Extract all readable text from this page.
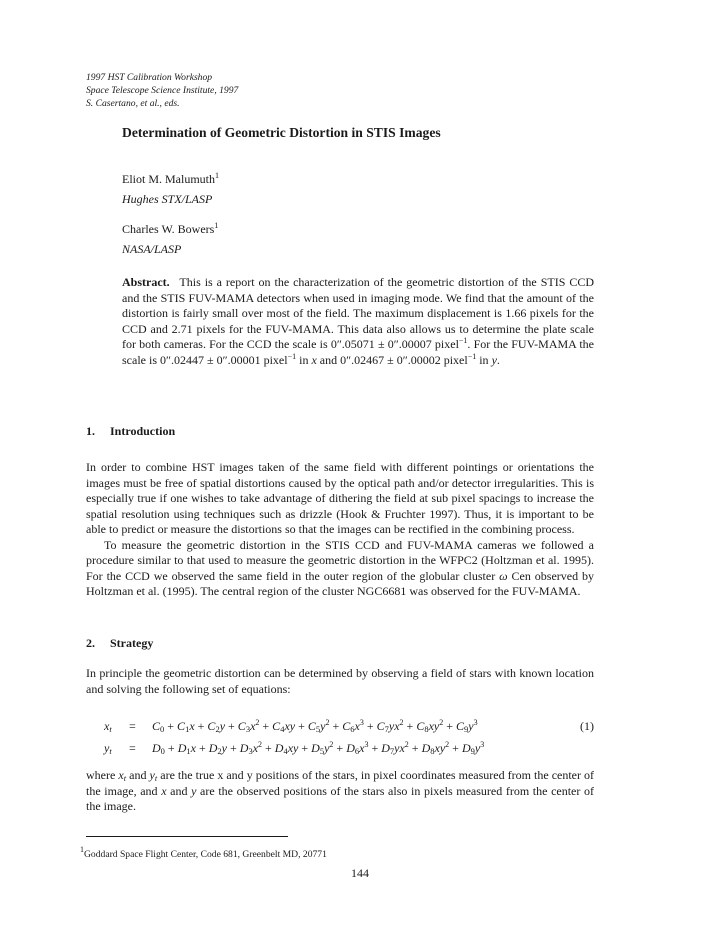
1997 HST Calibration Workshop
Space Telescope Science Institute, 1997
S. Casertano, et al., eds.
Determination of Geometric Distortion in STIS Images
Eliot M. Malumuth$^1$
Hughes STX/LASP
Charles W. Bowers$^1$
NASA/LASP
Abstract. This is a report on the characterization of the geometric distortion of the STIS CCD and the STIS FUV-MAMA detectors when used in imaging mode. We find that the amount of the distortion is fairly small over most of the field. The maximum displacement is 1.66 pixels for the CCD and 2.71 pixels for the FUV-MAMA. This data also allows us to determine the plate scale for both cameras. For the CCD the scale is 0″.05071 ± 0″.00007 pixel$^{-1}$. For the FUV-MAMA the scale is 0″.02447 ± 0″.00001 pixel$^{-1}$ in x and 0″.02467 ± 0″.00002 pixel$^{-1}$ in y.
1. Introduction

In order to combine HST images taken of the same field with different pointings or orientations the images must be free of spatial distortions caused by the optical path and/or detector irregularities. This is especially true if one wishes to take advantage of dithering the field at sub pixel spacings to increase the spatial resolution using techniques such as drizzle (Hook & Fruchter 1997). Thus, it is important to be able to predict or measure the distortions so that the images can be rectified in the combining process.

To measure the geometric distortion in the STIS CCD and FUV-MAMA cameras we followed a procedure similar to that used to measure the geometric distortion in the WFPC2 (Holtzman et al. 1995). For the CCD we observed the same field in the outer region of the globular cluster ω Cen observed by Holtzman et al. (1995). The central region of the cluster NGC6681 was observed for the FUV-MAMA.

2. Strategy

In principle the geometric distortion can be determined by observing a field of stars with known location and solving the following set of equations:

$x_t = C_0 + C_1x + C_2y + C_3x^2 + C_4xy + C_5y^2 + C_6x^3 + C_7yx^2 + C_8xy^2 + C_9y^3$	(1)
$y_t = D_0 + D_1x + D_2y + D_3x^2 + D_4xy + D_5y^2 + D_6x^3 + D_7yx^2 + D_8xy^2 + D_9y^3$

where $x_t$ and $y_t$ are the true x and y positions of the stars, in pixel coordinates measured from the center of the image, and x and y are the observed positions of the stars also in pixels measured from the center of the image.

$^1$Goddard Space Flight Center, Code 681, Greenbelt MD, 20771
144
